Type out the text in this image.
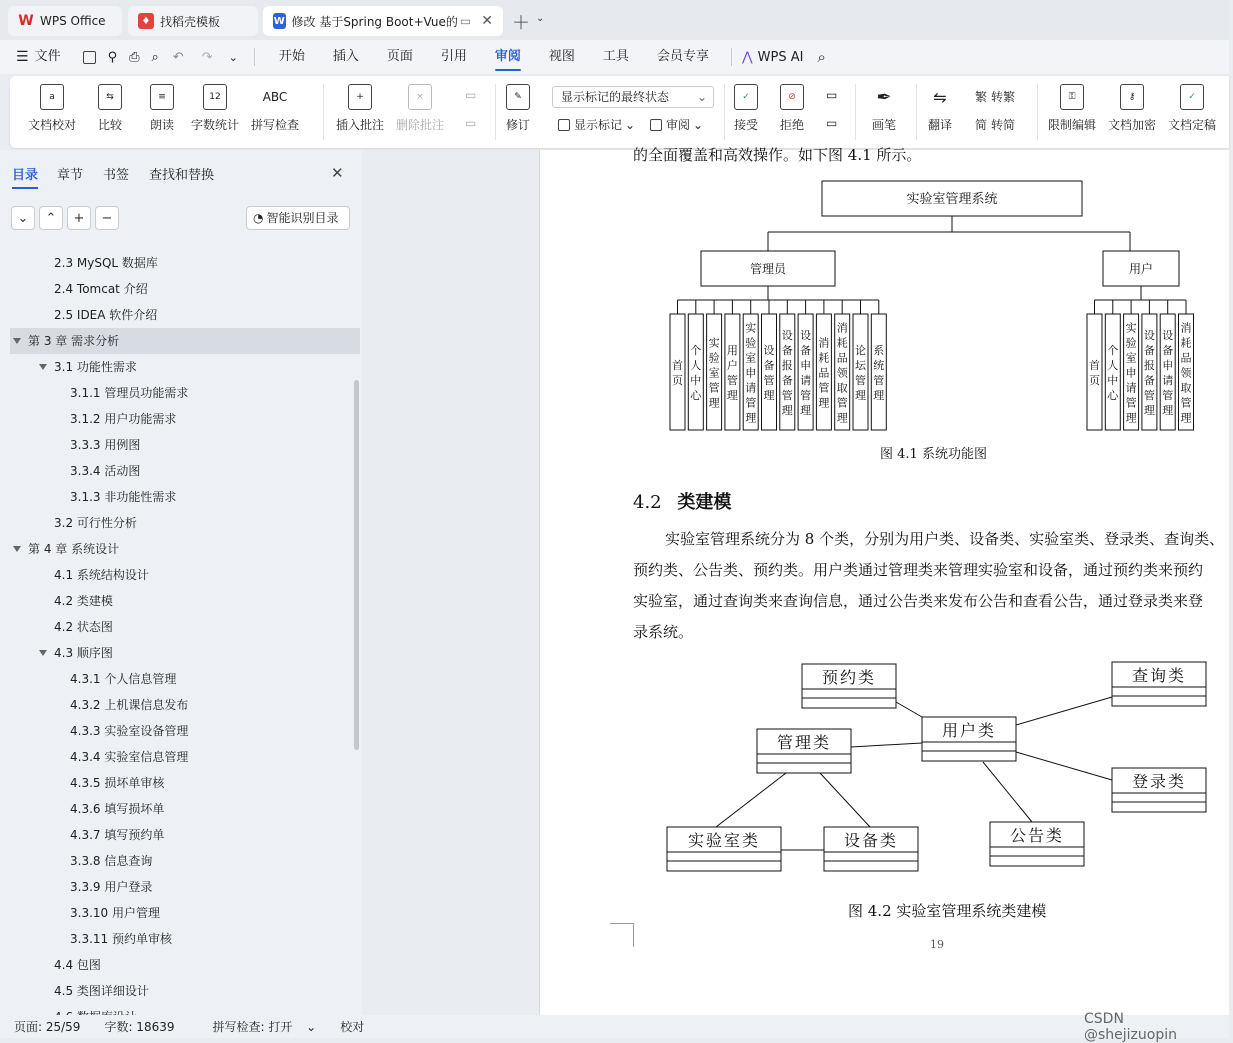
W WPS Office	♦ 找稻壳模板	W 修改 基于Spring Boot+Vue的 ▭ ✕ ＋ ⌄
☰ 文件	⚲ ⎙ ⌕ ↶ ↷ ⌄	开始	插入	页面	引用	审阅	视图	工具	会员专享	⋀ WPS AI ⌕
a
文档校对
⇆
比较
≡
朗读
12
字数统计
ABC
拼写检查
+
插入批注
×
删除批注
▭
▭
✎
修订
显示标记的最终状态 ⌄
显示标记 ⌄	审阅 ⌄
✓
接受
⊘
拒绝
▭
▭
✒
画笔
⇋
翻译
繁 转繁
简 转简
⚿
限制编辑
⚷
文档加密
✓
文档定稿
目录 章节 书签 查找和替换	✕
⌄	⌃	+	−	◔ 智能识别目录
2.3 MySQL 数据库
2.4 Tomcat 介绍
2.5 IDEA 软件介绍
第 3 章 需求分析
3.1 功能性需求
3.1.1 管理员功能需求
3.1.2 用户功能需求
3.3.3 用例图
3.3.4 活动图
3.1.3 非功能性需求
3.2 可行性分析
第 4 章 系统设计
4.1 系统结构设计
4.2 类建模
4.2 状态图
4.3 顺序图
4.3.1 个人信息管理
4.3.2 上机课信息发布
4.3.3 实验室设备管理
4.3.4 实验室信息管理
4.3.5 损坏单审核
4.3.6 填写损坏单
4.3.7 填写预约单
3.3.8 信息查询
3.3.9 用户登录
3.3.10 用户管理
3.3.11 预约单审核
4.4 包图
4.5 类图详细设计
的全面覆盖和高效操作。如下图 4.1 所示。
实验室管理系统
管理员	用户
首页
个人中心
实验室管理
用户管理
实验室申请管理
设备管理
设备报备管理
设备申请管理
消耗品管理
消耗品领取管理
论坛管理
系统管理
首页
个人中心
实验室申请管理
设备报备管理
设备申请管理
消耗品领取管理
图 4.1 系统功能图
4.2 类建模
实验室管理系统分为 8 个类，分别为用户类、设备类、实验室类、登录类、查询类、
预约类、公告类、预约类。用户类通过管理类来管理实验室和设备，通过预约类来预约
实验室，通过查询类来查询信息，通过公告类来发布公告和查看公告，通过登录类来登
录系统。
预约类	查询类
用户类
管理类
登录类
公告类
实验室类	设备类
图 4.2 实验室管理系统类建模
19
页面: 25/59 字数: 18639	拼写检查: 打开 ⌄ 校对
CSDN @shejizuopin
